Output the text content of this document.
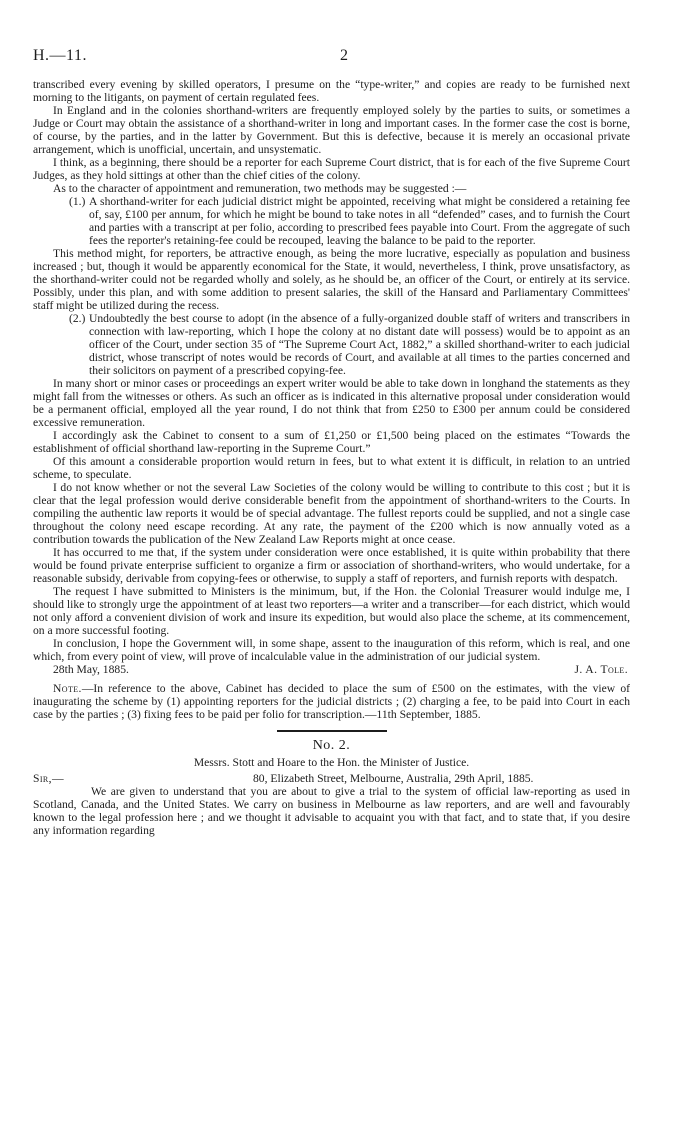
H.—11.	2

transcribed every evening by skilled operators, I presume on the “type-writer,” and copies are ready to be furnished next morning to the litigants, on payment of certain regulated fees.

In England and in the colonies shorthand-writers are frequently employed solely by the parties to suits, or sometimes a Judge or Court may obtain the assistance of a shorthand-writer in long and important cases. In the former case the cost is borne, of course, by the parties, and in the latter by Government. But this is defective, because it is merely an occasional private arrangement, which is unofficial, uncertain, and unsystematic.

I think, as a beginning, there should be a reporter for each Supreme Court district, that is for each of the five Supreme Court Judges, as they hold sittings at other than the chief cities of the colony.

As to the character of appointment and remuneration, two methods may be suggested :—

(1.) A shorthand-writer for each judicial district might be appointed, receiving what might be considered a retaining fee of, say, £100 per annum, for which he might be bound to take notes in all “defended” cases, and to furnish the Court and parties with a transcript at per folio, according to prescribed fees payable into Court. From the aggregate of such fees the reporter's retaining-fee could be recouped, leaving the balance to be paid to the reporter.

This method might, for reporters, be attractive enough, as being the more lucrative, especially as population and business increased ; but, though it would be apparently economical for the State, it would, nevertheless, I think, prove unsatisfactory, as the shorthand-writer could not be regarded wholly and solely, as he should be, an officer of the Court, or entirely at its service. Possibly, under this plan, and with some addition to present salaries, the skill of the Hansard and Parliamentary Committees' staff might be utilized during the recess.

(2.) Undoubtedly the best course to adopt (in the absence of a fully-organized double staff of writers and transcribers in connection with law-reporting, which I hope the colony at no distant date will possess) would be to appoint as an officer of the Court, under section 35 of “The Supreme Court Act, 1882,” a skilled shorthand-writer to each judicial district, whose transcript of notes would be records of Court, and available at all times to the parties concerned and their solicitors on payment of a prescribed copying-fee.

In many short or minor cases or proceedings an expert writer would be able to take down in longhand the statements as they might fall from the witnesses or others. As such an officer as is indicated in this alternative proposal under consideration would be a permanent official, employed all the year round, I do not think that from £250 to £300 per annum could be considered excessive remuneration.

I accordingly ask the Cabinet to consent to a sum of £1,250 or £1,500 being placed on the estimates “Towards the establishment of official shorthand law-reporting in the Supreme Court.”

Of this amount a considerable proportion would return in fees, but to what extent it is difficult, in relation to an untried scheme, to speculate.

I do not know whether or not the several Law Societies of the colony would be willing to contribute to this cost ; but it is clear that the legal profession would derive considerable benefit from the appointment of shorthand-writers to the Courts. In compiling the authentic law reports it would be of special advantage. The fullest reports could be supplied, and not a single case throughout the colony need escape recording. At any rate, the payment of the £200 which is now annually voted as a contribution towards the publication of the New Zealand Law Reports might at once cease.

It has occurred to me that, if the system under consideration were once established, it is quite within probability that there would be found private enterprise sufficient to organize a firm or association of shorthand-writers, who would undertake, for a reasonable subsidy, derivable from copying-fees or otherwise, to supply a staff of reporters, and furnish reports with despatch.

The request I have submitted to Ministers is the minimum, but, if the Hon. the Colonial Treasurer would indulge me, I should like to strongly urge the appointment of at least two reporters—a writer and a transcriber—for each district, which would not only afford a convenient division of work and insure its expedition, but would also place the scheme, at its commencement, on a more successful footing.

In conclusion, I hope the Government will, in some shape, assent to the inauguration of this reform, which is real, and one which, from every point of view, will prove of incalculable value in the administration of our judicial system.

28th May, 1885.	J. A. Tole.

Note.—In reference to the above, Cabinet has decided to place the sum of £500 on the estimates, with the view of inaugurating the scheme by (1) appointing reporters for the judicial districts ; (2) charging a fee, to be paid into Court in each case by the parties ; (3) fixing fees to be paid per folio for transcription.—11th September, 1885.

No. 2.

Messrs. Stott and Hoare to the Hon. the Minister of Justice.

Sir,—	80, Elizabeth Street, Melbourne, Australia, 29th April, 1885.

We are given to understand that you are about to give a trial to the system of official law-reporting as used in Scotland, Canada, and the United States. We carry on business in Melbourne as law reporters, and are well and favourably known to the legal profession here ; and we thought it advisable to acquaint you with that fact, and to state that, if you desire any information regarding
